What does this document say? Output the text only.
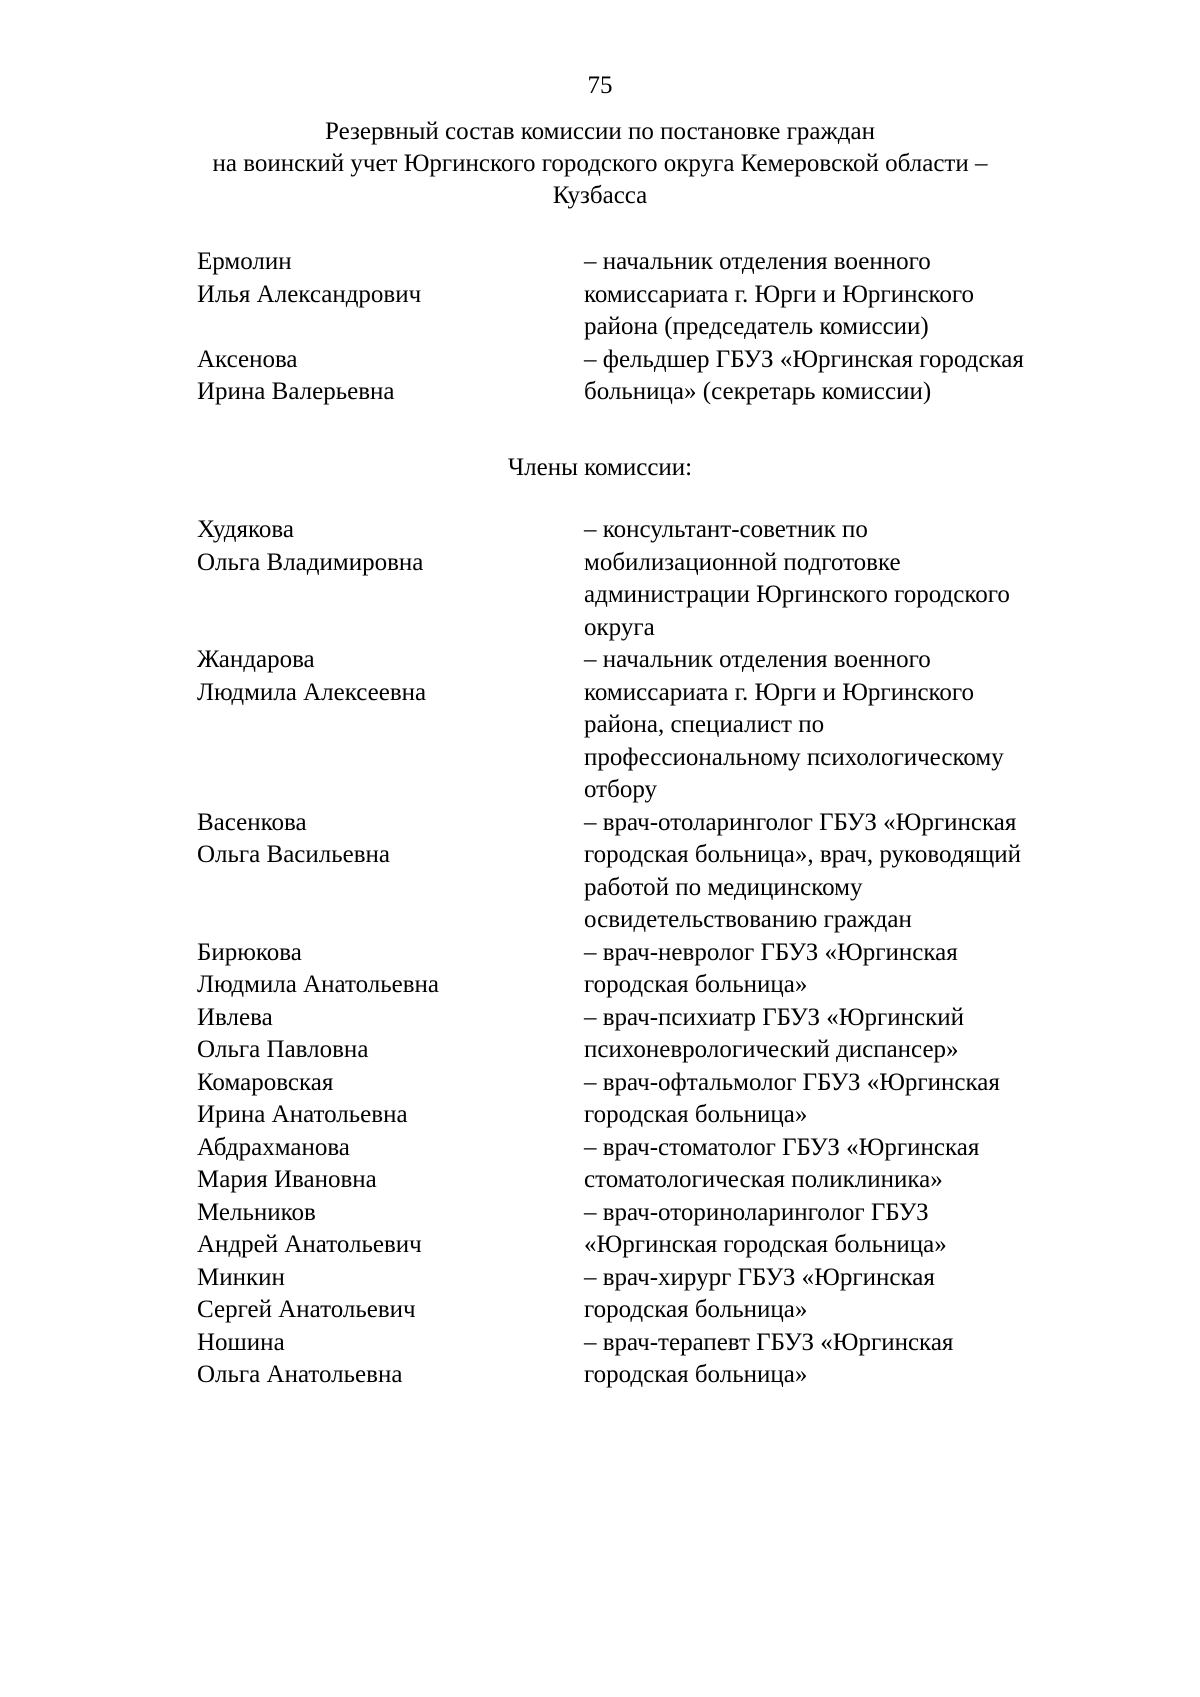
75
Резервный состав комиссии по постановке граждан
на воинский учет Юргинского городского округа Кемеровской области –
Кузбасса
Ермолин
Илья Александрович
– начальник отделения военного
комиссариата г. Юрги и Юргинского
района (председатель комиссии)
Аксенова
Ирина Валерьевна
– фельдшер ГБУЗ «Юргинская городская
больница» (секретарь комиссии)
Члены комиссии:
Худякова
Ольга Владимировна
– консультант-советник по
мобилизационной подготовке
администрации Юргинского городского
округа
Жандарова
Людмила Алексеевна
– начальник отделения военного
комиссариата г. Юрги и Юргинского
района, специалист по
профессиональному психологическому
отбору
Васенкова
Ольга Васильевна
– врач-отоларинголог ГБУЗ «Юргинская
городская больница», врач, руководящий
работой по медицинскому
освидетельствованию граждан
Бирюкова
Людмила Анатольевна
– врач-невролог ГБУЗ «Юргинская
городская больница»
Ивлева
Ольга Павловна
– врач-психиатр ГБУЗ «Юргинский
психоневрологический диспансер»
Комаровская
Ирина Анатольевна
– врач-офтальмолог ГБУЗ «Юргинская
городская больница»
Абдрахманова
Мария Ивановна
– врач-стоматолог ГБУЗ «Юргинская
стоматологическая поликлиника»
Мельников
Андрей Анатольевич
– врач-оториноларинголог ГБУЗ
«Юргинская городская больница»
Минкин
Сергей Анатольевич
– врач-хирург ГБУЗ «Юргинская
городская больница»
Ношина
Ольга Анатольевна
– врач-терапевт ГБУЗ «Юргинская
городская больница»
